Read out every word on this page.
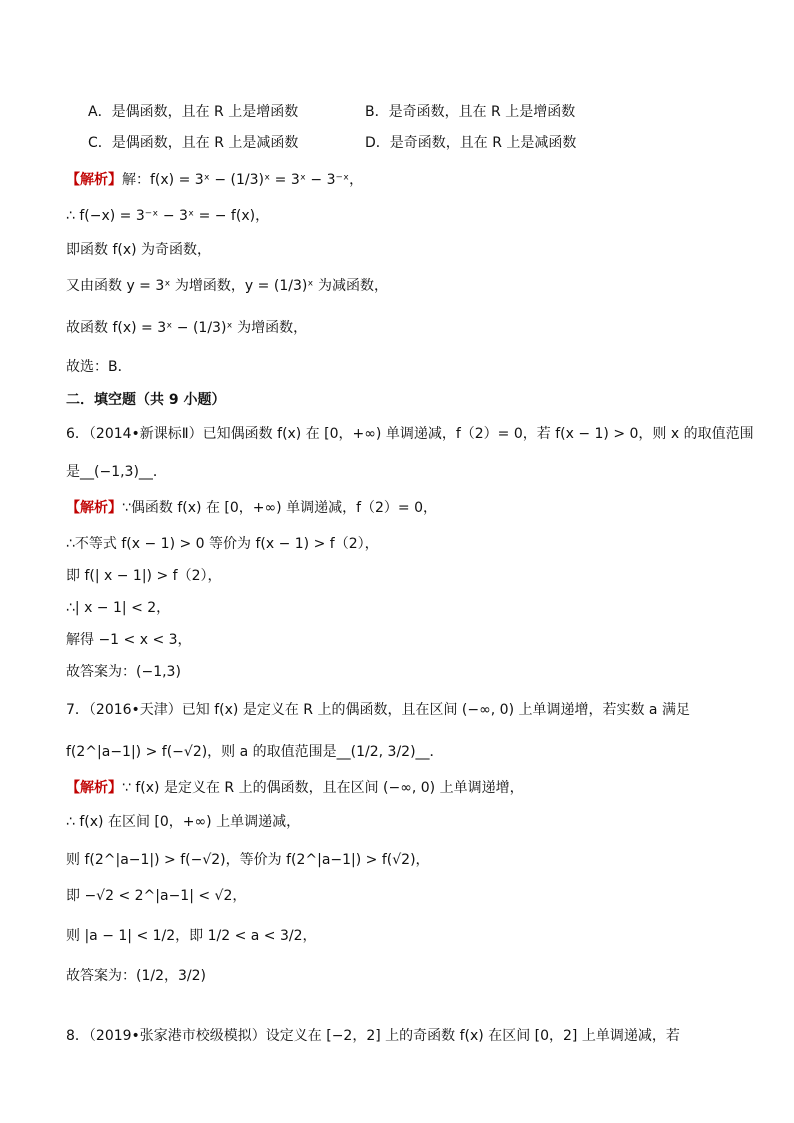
A．是偶函数，且在 R 上是增函数	B．是奇函数，且在 R 上是增函数
C．是偶函数，且在 R 上是减函数	D．是奇函数，且在 R 上是减函数
【解析】解：f(x) = 3ˣ − (1/3)ˣ = 3ˣ − 3⁻ˣ，
∴ f(−x) = 3⁻ˣ − 3ˣ = − f(x)，
即函数 f(x) 为奇函数，
又由函数 y = 3ˣ 为增函数，y = (1/3)ˣ 为减函数，
故函数 f(x) = 3ˣ − (1/3)ˣ 为增函数，
故选：B．
二．填空题（共 9 小题）
6．（2014•新课标Ⅱ）已知偶函数 f(x) 在 [0，+∞) 单调递减，f（2）= 0，若 f(x − 1) > 0，则 x 的取值范围
是__(−1,3)__．
【解析】∵偶函数 f(x) 在 [0，+∞) 单调递减，f（2）= 0，
∴不等式 f(x − 1) > 0 等价为 f(x − 1) > f（2），
即 f(| x − 1|) > f（2），
∴| x − 1| < 2，
解得 −1 < x < 3，
故答案为：(−1,3)
7．（2016•天津）已知 f(x) 是定义在 R 上的偶函数，且在区间 (−∞, 0) 上单调递增，若实数 a 满足
f(2^|a−1|) > f(−√2)，则 a 的取值范围是__(1/2, 3/2)__．
【解析】∵ f(x) 是定义在 R 上的偶函数，且在区间 (−∞, 0) 上单调递增，
∴ f(x) 在区间 [0，+∞) 上单调递减，
则 f(2^|a−1|) > f(−√2)，等价为 f(2^|a−1|) > f(√2)，
即 −√2 < 2^|a−1| < √2，
则 |a − 1| < 1/2，即 1/2 < a < 3/2，
故答案为：(1/2，3/2)
8．（2019•张家港市校级模拟）设定义在 [−2，2] 上的奇函数 f(x) 在区间 [0，2] 上单调递减，若
